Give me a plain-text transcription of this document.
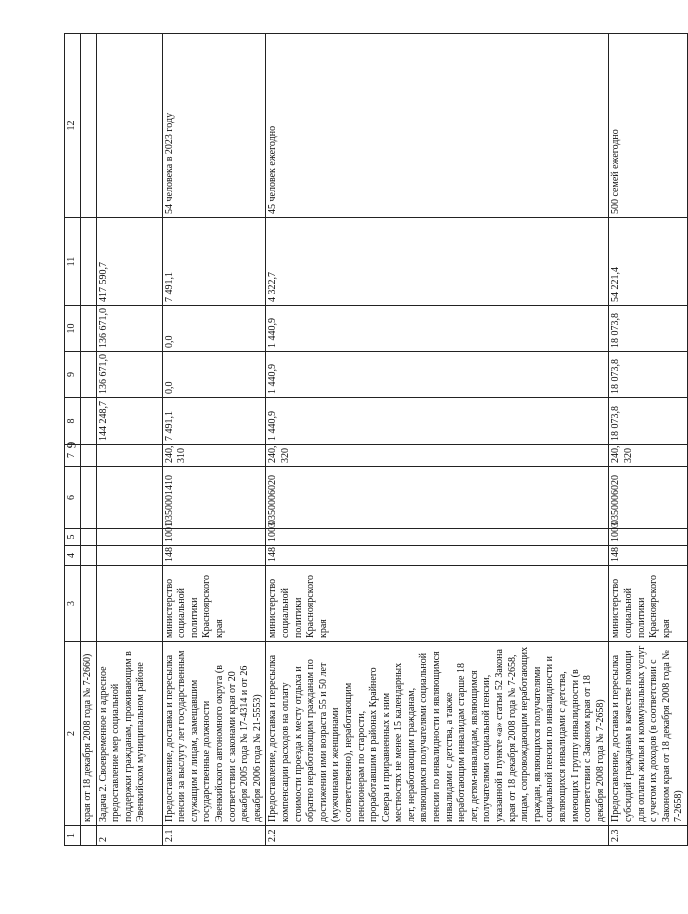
9
1	2	3	4	5	6	7	8	9	10	11	12
	края от 18 декабря 2008 года № 7-2660)										
2	Задача 2. Своевременное и адресное предоставление мер социальной поддержки гражданам, проживающим в Эвенкийском муниципальном районе						144 248,7	136 671,0	136 671,0	417 590,7	
2.1	Предоставление, доставка и пересылка пенсии за выслугу лет государственным служащим и лицам, замещавшим государственные должности Эвенкийского автономного округа (в соответствии с законами края от 20 декабря 2005 года № 17-4314 и от 26 декабря 2006 года № 21-5553)	министерство социальной политики Красноярского края	148	1001	0350001410	240, 310	7 491,1	0,0	0,0	7 491,1	54 человека в 2023 году
2.2	Предоставление, доставка и пересылка компенсации расходов на оплату стоимости проезда к месту отдыха и обратно неработающим гражданам по достижении ими возраста 55 и 50 лет (мужчинами и женщинами соответственно), неработающим пенсионерам по старости, проработавшим в районах Крайнего Севера и приравненных к ним местностях не менее 15 календарных лет, неработающим гражданам, являющимся получателями социальной пенсии по инвалидности и являющимся инвалидами с детства, а также неработающим инвалидам старше 18 лет, детям-инвалидам, являющимся получателями социальной пенсии, указанной в пункте «а» статьи 52 Закона края от 18 декабря 2008 года № 7-2658, лицам, сопровождающим неработающих граждан, являющихся получателями социальной пенсии по инвалидности и являющихся инвалидами с детства, имеющих I группу инвалидности (в соответствии с Законом края от 18 декабря 2008 года № 7-2658)	министерство социальной политики Красноярского края	148	1003	0350006020	240, 320	1 440,9	1 440,9	1 440,9	4 322,7	45 человек ежегодно
2.3	Предоставление, доставка и пересылка субсидий гражданам в качестве помощи для оплаты жилья и коммунальных услуг с учетом их доходов (в соответствии с Законом края от 18 декабря 2008 года № 7-2658)	министерство социальной политики Красноярского края	148	1003	0350006020	240, 320	18 073,8	18 073,8	18 073,8	54 221,4	500 семей ежегодно
